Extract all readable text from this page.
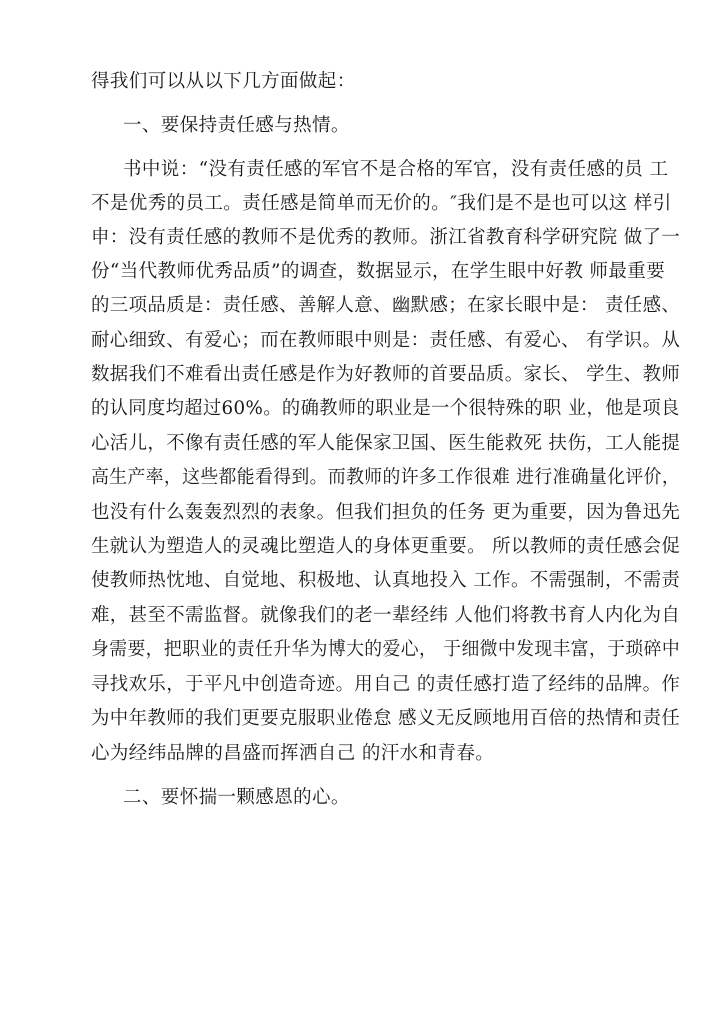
得我们可以从以下几方面做起：
一、要保持责任感与热情。
书中说：“没有责任感的军官不是合格的军官，没有责任感的员 工
不是优秀的员工。责任感是简单而无价的。″我们是不是也可以这 样引
申：没有责任感的教师不是优秀的教师。浙江省教育科学研究院 做了一
份“当代教师优秀品质”的调查，数据显示，在学生眼中好教 师最重要
的三项品质是：责任感、善解人意、幽默感；在家长眼中是： 责任感、
耐心细致、有爱心；而在教师眼中则是：责任感、有爱心、 有学识。从
数据我们不难看出责任感是作为好教师的首要品质。家长、 学生、教师
的认同度均超过60%。的确教师的职业是一个很特殊的职 业，他是项良
心活儿，不像有责任感的军人能保家卫国、医生能救死 扶伤，工人能提
高生产率，这些都能看得到。而教师的许多工作很难 进行准确量化评价，
也没有什么轰轰烈烈的表象。但我们担负的任务 更为重要，因为鲁迅先
生就认为塑造人的灵魂比塑造人的身体更重要。 所以教师的责任感会促
使教师热忱地、自觉地、积极地、认真地投入 工作。不需强制，不需责
难，甚至不需监督。就像我们的老一辈经纬 人他们将教书育人内化为自
身需要，把职业的责任升华为博大的爱心， 于细微中发现丰富，于琐碎中
寻找欢乐，于平凡中创造奇迹。用自己 的责任感打造了经纬的品牌。作
为中年教师的我们更要克服职业倦怠 感义无反顾地用百倍的热情和责任
心为经纬品牌的昌盛而挥洒自己 的汗水和青春。
二、要怀揣一颗感恩的心。
